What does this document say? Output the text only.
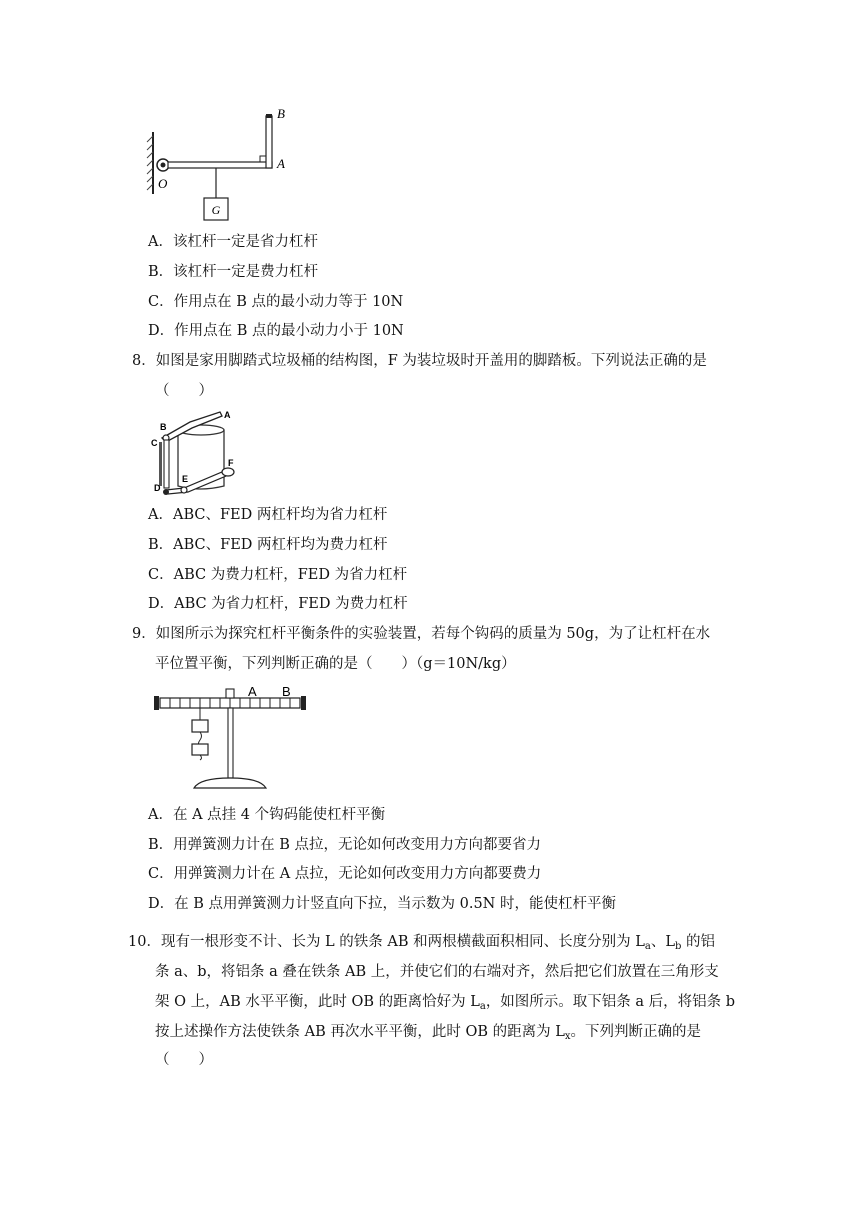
G
B
A
O
A．该杠杆一定是省力杠杆
B．该杠杆一定是费力杠杆
C．作用点在 B 点的最小动力等于 10N
D．作用点在 B 点的最小动力小于 10N
8．如图是家用脚踏式垃圾桶的结构图，F 为装垃圾时开盖用的脚踏板。下列说法正确的是
（　　）
A
B
C
D
E
F
A．ABC、FED 两杠杆均为省力杠杆
B．ABC、FED 两杠杆均为费力杠杆
C．ABC 为费力杠杆，FED 为省力杠杆
D．ABC 为省力杠杆，FED 为费力杠杆
9．如图所示为探究杠杆平衡条件的实验装置，若每个钩码的质量为 50g，为了让杠杆在水
平位置平衡，下列判断正确的是（　　）（g＝10N/kg）
A B
A．在 A 点挂 4 个钩码能使杠杆平衡
B．用弹簧测力计在 B 点拉，无论如何改变用力方向都要省力
C．用弹簧测力计在 A 点拉，无论如何改变用力方向都要费力
D．在 B 点用弹簧测力计竖直向下拉，当示数为 0.5N 时，能使杠杆平衡
10．现有一根形变不计、长为 L 的铁条 AB 和两根横截面积相同、长度分别为 $L_a$、$L_b$ 的铝
条 a、b，将铝条 a 叠在铁条 AB 上，并使它们的右端对齐，然后把它们放置在三角形支
架 O 上，AB 水平平衡，此时 OB 的距离恰好为 $L_a$，如图所示。取下铝条 a 后，将铝条 b
按上述操作方法使铁条 AB 再次水平平衡，此时 OB 的距离为 $L_x$。下列判断正确的是
（　　）
